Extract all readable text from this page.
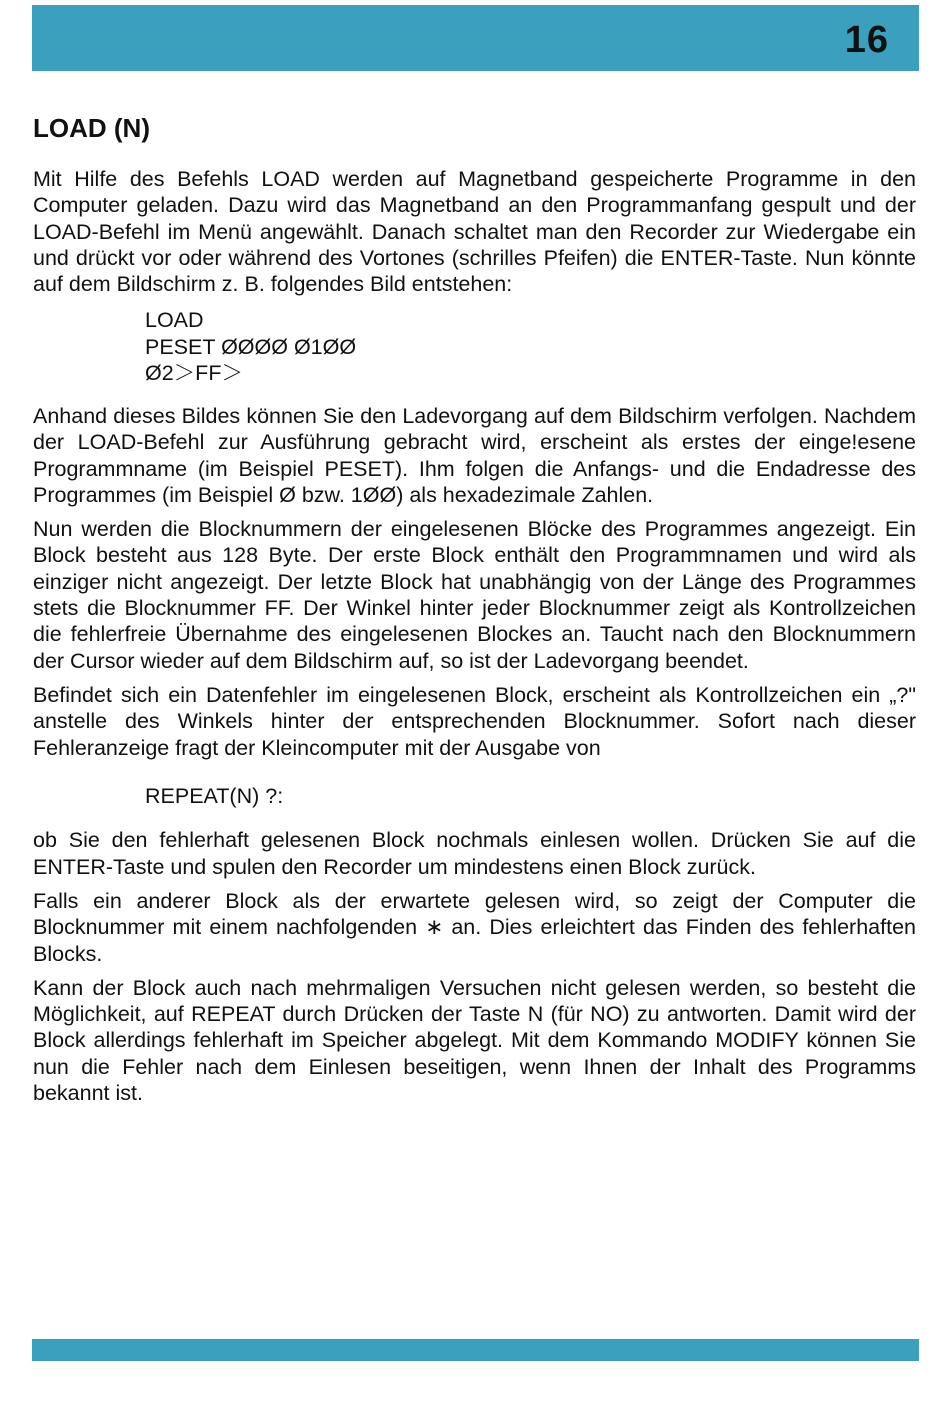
16
LOAD (N)

Mit Hilfe des Befehls LOAD werden auf Magnetband gespeicherte Programme in den Computer geladen. Dazu wird das Magnetband an den Programmanfang gespult und der LOAD-Befehl im Menü angewählt. Danach schaltet man den Recorder zur Wiedergabe ein und drückt vor oder während des Vortones (schrilles Pfeifen) die ENTER-Taste. Nun könnte auf dem Bildschirm z. B. folgendes Bild entstehen:

LOAD
PESET ØØØØ Ø1ØØ
Ø2＞FF＞

Anhand dieses Bildes können Sie den Ladevorgang auf dem Bildschirm verfolgen. Nachdem der LOAD-Befehl zur Ausführung gebracht wird, erscheint als erstes der einge!esene Programmname (im Beispiel PESET). Ihm folgen die Anfangs- und die Endadresse des Programmes (im Beispiel Ø bzw. 1ØØ) als hexadezimale Zahlen.

Nun werden die Blocknummern der eingelesenen Blöcke des Programmes angezeigt. Ein Block besteht aus 128 Byte. Der erste Block enthält den Programmnamen und wird als einziger nicht angezeigt. Der letzte Block hat unabhängig von der Länge des Programmes stets die Blocknummer FF. Der Winkel hinter jeder Blocknummer zeigt als Kontrollzeichen die fehlerfreie Übernahme des eingelesenen Blockes an. Taucht nach den Blocknummern der Cursor wieder auf dem Bildschirm auf, so ist der Ladevorgang beendet.

Befindet sich ein Datenfehler im eingelesenen Block, erscheint als Kontrollzeichen ein „?" anstelle des Winkels hinter der entsprechenden Blocknummer. Sofort nach dieser Fehleranzeige fragt der Kleincomputer mit der Ausgabe von

REPEAT(N) ?:

ob Sie den fehlerhaft gelesenen Block nochmals einlesen wollen. Drücken Sie auf die ENTER-Taste und spulen den Recorder um mindestens einen Block zurück.

Falls ein anderer Block als der erwartete gelesen wird, so zeigt der Computer die Blocknummer mit einem nachfolgenden ∗ an. Dies erleichtert das Finden des fehlerhaften Blocks.

Kann der Block auch nach mehrmaligen Versuchen nicht gelesen werden, so besteht die Möglichkeit, auf REPEAT durch Drücken der Taste N (für NO) zu antworten. Damit wird der Block allerdings fehlerhaft im Speicher abgelegt. Mit dem Kommando MODIFY können Sie nun die Fehler nach dem Einlesen beseitigen, wenn Ihnen der Inhalt des Programms bekannt ist.
